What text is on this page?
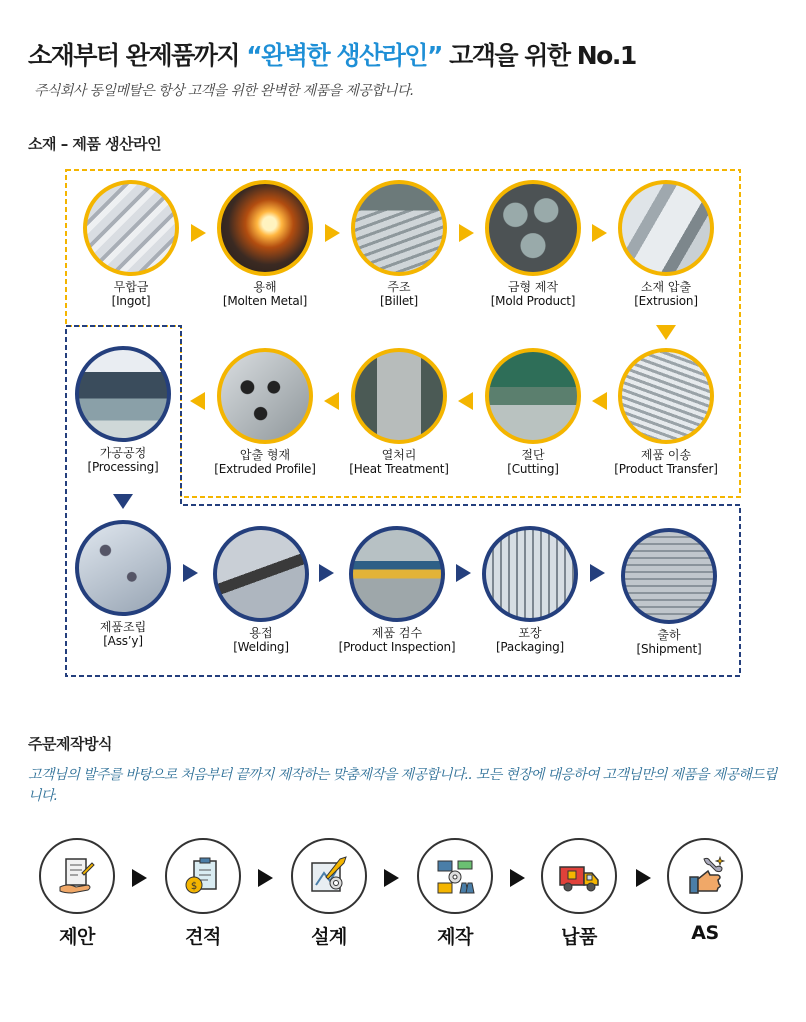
소재부터 완제품까지 “완벽한 생산라인” 고객을 위한 No.1
주식회사 동일메탈은 항상 고객을 위한 완벽한 제품을 제공합니다.
소재 – 제품 생산라인
무합금
[Ingot]
용해
[Molten Metal]
주조
[Billet]
금형 제작
[Mold Product]
소재 압출
[Extrusion]
제품 이송
[Product Transfer]
절단
[Cutting]
열처리
[Heat Treatment]
압출 형재
[Extruded Profile]
가공공정
[Processing]
제품조립
[Ass’y]
용접
[Welding]
제품 검수
[Product Inspection]
포장
[Packaging]
출하
[Shipment]
주문제작방식
고객님의 발주를 바탕으로 처음부터 끝까지 제작하는 맞춤제작을 제공합니다.. 모든 현장에 대응하여 고객님만의 제품을 제공해드립니다.
제안
$
견적	설계	제작	납품	AS
